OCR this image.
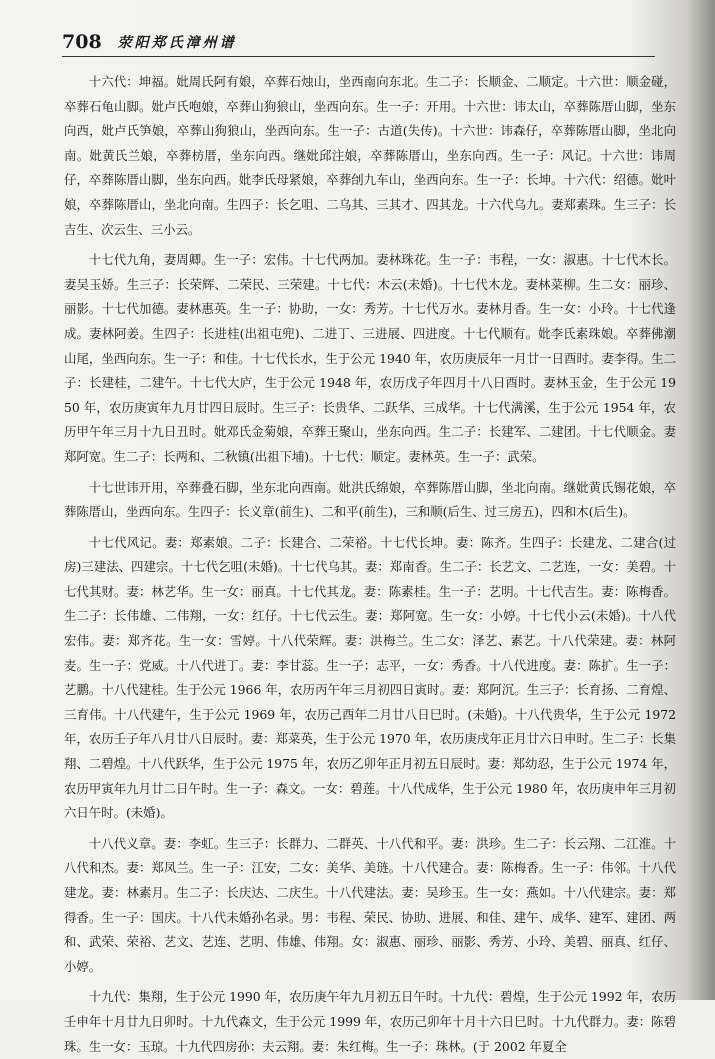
708 荥阳郑氏漳州谱

十六代：坤福。妣周氏阿有娘，卒葬石烛山，坐西南向东北。生二子：长顺金、二顺定。十六世：顺金碰，卒葬石龟山脚。妣卢氏咆娘，卒葬山狗狼山，坐西向东。生一子：开用。十六世：讳太山，卒葬陈厝山脚，坐东向西，妣卢氏笋娘，卒葬山狗狼山，坐西向东。生一子：古道(失传)。十六世：讳森仔，卒葬陈厝山脚，坐北向南。妣黄氏兰娘，卒葬枋厝，坐东向西。继妣邱注娘，卒葬陈厝山，坐东向西。生一子：风记。十六世：讳周仔，卒葬陈厝山脚，坐东向西。妣李氏母紧娘，卒葬刣九车山，坐西向东。生一子：长坤。十六代：绍德。妣叶娘，卒葬陈厝山，坐北向南。生四子：长乞咀、二乌其、三其才、四其龙。十六代乌九。妻郑素珠。生三子：长吉生、次云生、三小云。

十七代九角，妻周卿。生一子：宏伟。十七代两加。妻林珠花。生一子：韦程，一女：淑惠。十七代木长。妻吴玉娇。生三子：长荣辉、二荣民、三荣建。十七代：木云(未婚)。十七代木龙。妻林菜柳。生二女：丽珍、丽影。十七代加德。妻林惠英。生一子：协助，一女：秀芳。十七代万水。妻林月香。生一女：小玲。十七代逢成。妻林阿姜。生四子：长进桂(出祖屯兜)、二进丁、三进展、四进度。十七代顺有。妣李氏素珠娘。卒葬佛潮山尾，坐西向东。生一子：和佳。十七代长水，生于公元 1940 年，农历庚辰年一月廿一日酉时。妻李得。生二子：长建桂，二建午。十七代大庐，生于公元 1948 年，农历戊子年四月十八日酉时。妻林玉金，生于公元 1950 年，农历庚寅年九月廿四日辰时。生三子：长贵华、二跃华、三成华。十七代满溪，生于公元 1954 年，农历甲午年三月十九日丑时。妣邓氏金菊娘，卒葬王聚山，坐东向西。生二子：长建军、二建团。十七代顺金。妻郑阿宽。生二子：长两和、二秋镇(出祖下埔)。十七代：顺定。妻林英。生一子：武荣。

十七世讳开用，卒葬叠石脚，坐东北向西南。妣洪氏绵娘，卒葬陈厝山脚，坐北向南。继妣黄氏锡花娘，卒葬陈厝山，坐西向东。生四子：长义章(前生)、二和平(前生)，三和顺(后生、过三房五)，四和木(后生)。

十七代风记。妻：郑素娘。二子：长建合、二荣裕。十七代长坤。妻：陈齐。生四子：长建龙、二建合(过房)三建法、四建宗。十七代乞咀(未婚)。十七代乌其。妻：郑南香。生二子：长艺文、二艺连，一女：美碧。十七代其财。妻：林艺华。生一女：丽真。十七代其龙。妻：陈素桂。生一子：艺明。十七代吉生。妻：陈梅香。生二子：长伟雄、二伟翔，一女：红仔。十七代云生。妻：郑阿宽。生一女：小婷。十七代小云(未婚)。十八代宏伟。妻：郑齐花。生一女：雪婷。十八代荣辉。妻：洪梅兰。生二女：泽艺、素艺。十八代荣建。妻：林阿麦。生一子：党威。十八代进丁。妻：李甘蕊。生一子：志平，一女：秀香。十八代进度。妻：陈扩。生一子：艺鹏。十八代建桂。生于公元 1966 年，农历丙午年三月初四日寅时。妻：郑阿沉。生三子：长育扬、二育煌、三育伟。十八代建午，生于公元 1969 年，农历己酉年二月廿八日巳时。(未婚)。十八代贵华，生于公元 1972 年，农历壬子年八月廿八日辰时。妻：郑菜英，生于公元 1970 年，农历庚戌年正月廿六日申时。生二子：长集翔、二碧煌。十八代跃华，生于公元 1975 年，农历乙卯年正月初五日辰时。妻：郑幼忍，生于公元 1974 年，农历甲寅年九月廿二日午时。生一子：森文。一女：碧莲。十八代成华，生于公元 1980 年，农历庚申年三月初六日午时。(未婚)。

十八代义章。妻：李虹。生三子：长群力、二群英、十八代和平。妻：洪珍。生二子：长云翔、二江淮。十八代和杰。妻：郑凤兰。生一子：江安，二女：美华、美琏。十八代建合。妻：陈梅香。生一子：伟邻。十八代建龙。妻：林素月。生二子：长庆达、二庆生。十八代建法。妻：吴珍玉。生一女：燕如。十八代建宗。妻：郑得香。生一子：国庆。十八代未婚孙名录。男：韦程、荣民、协助、进展、和佳、建午、成华、建军、建团、两和、武荣、荣裕、艺文、艺连、艺明、伟雄、伟翔。女：淑惠、丽珍、丽影、秀芳、小玲、美碧、丽真、红仔、小婷。

十九代：集翔，生于公元 1990 年，农历庚午年九月初五日午时。十九代：碧煌，生于公元 1992 年，农历壬申年十月廿九日卯时。十九代森文，生于公元 1999 年，农历己卯年十月十六日巳时。十九代群力。妻：陈碧珠。生一女：玉琼。十九代四房孙：夫云翔。妻：朱红梅。生一子：珠林。(于 2002 年夏全
